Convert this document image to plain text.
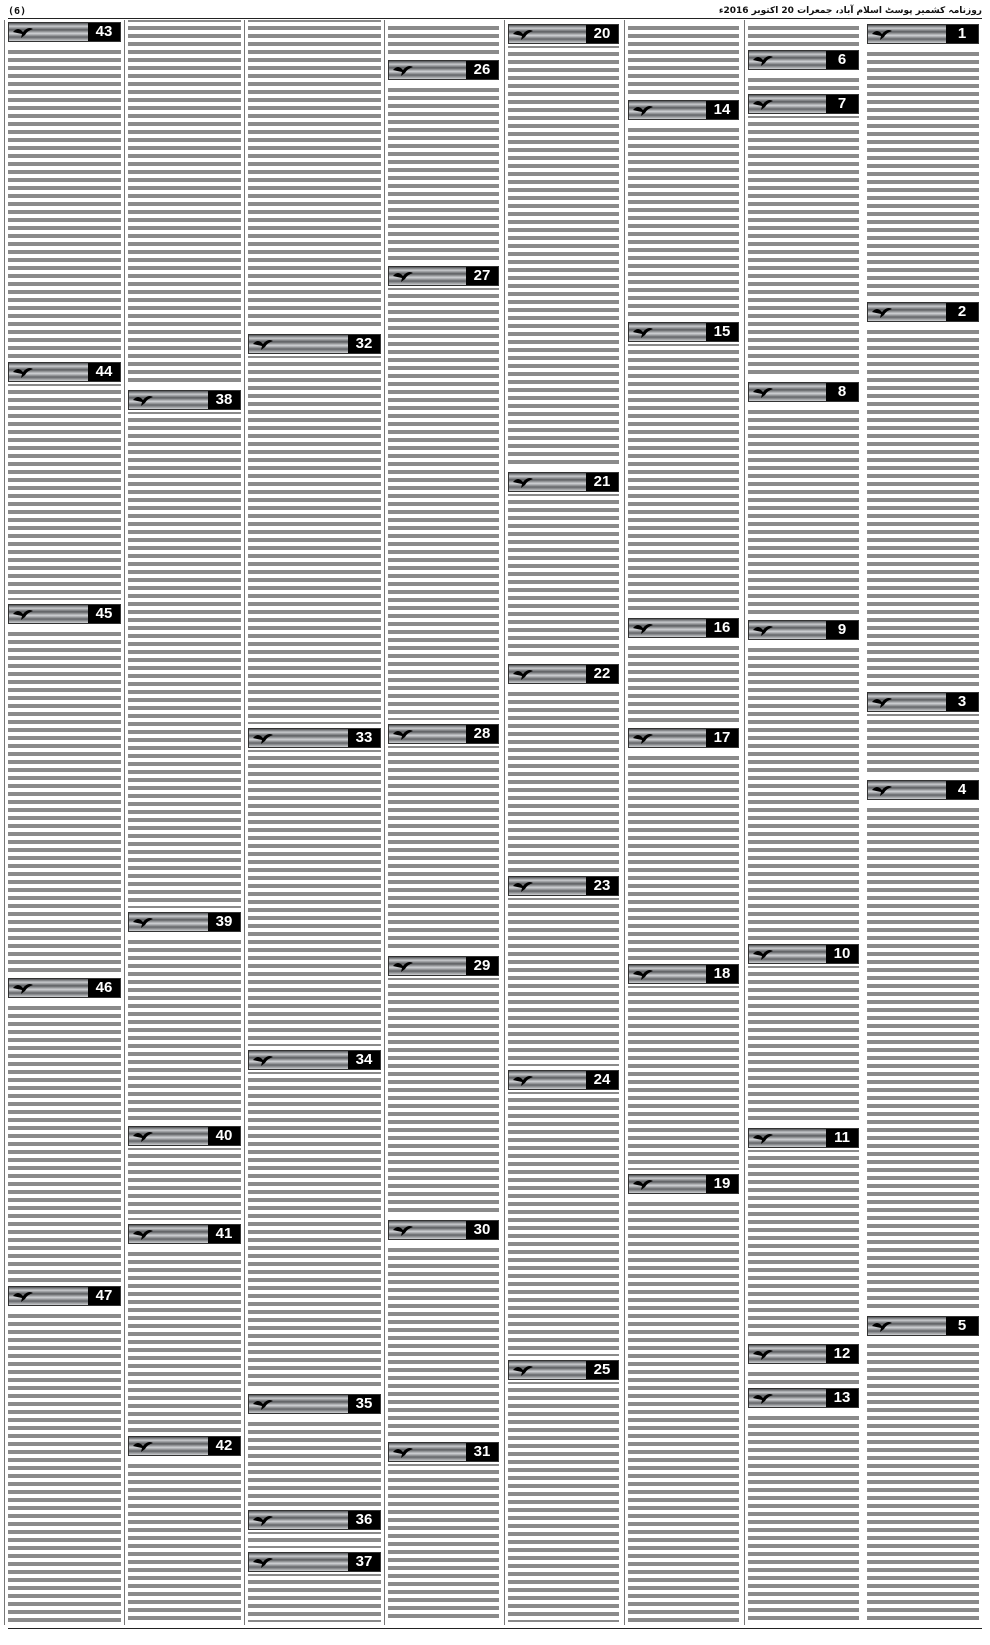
روزنامہ کشمیر پوسٹ اسلام آباد، جمعرات 20 اکتوبر 2016ء
(6)
1
2
3
4
5
6
7
8
9
10
11
12
13
14
15
16
17
18
19
20
21
22
23
24
25
26
27
28
29
30
31
32
33
34
35
36
37
38
39
40
41
42
43
44
45
46
47
